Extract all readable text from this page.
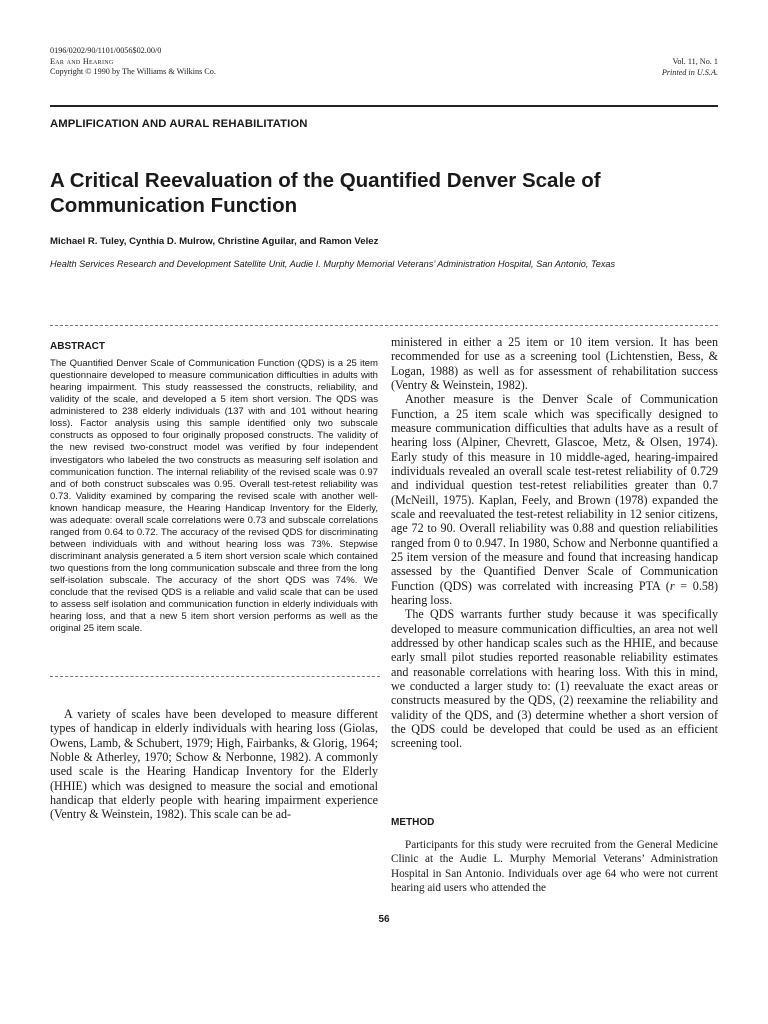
0196/0202/90/1101/0056$02.00/0
Ear and Hearing
Copyright © 1990 by The Williams & Wilkins Co.
Vol. 11, No. 1
Printed in U.S.A.
AMPLIFICATION AND AURAL REHABILITATION
A Critical Reevaluation of the Quantified Denver Scale of
Communication Function
Michael R. Tuley, Cynthia D. Mulrow, Christine Aguilar, and Ramon Velez
Health Services Research and Development Satellite Unit, Audie I. Murphy Memorial Veterans’ Administration Hospital, San Antonio, Texas
ABSTRACT
The Quantified Denver Scale of Communication Function (QDS) is a 25 item questionnaire developed to measure communication difficulties in adults with hearing impairment. This study reassessed the constructs, reliability, and validity of the scale, and developed a 5 item short version. The QDS was administered to 238 elderly individuals (137 with and 101 without hearing loss). Factor analysis using this sample identified only two subscale constructs as opposed to four originally proposed constructs. The validity of the new revised two-construct model was verified by four independent investigators who labeled the two constructs as measuring self isolation and communication function. The internal reliability of the revised scale was 0.97 and of both construct subscales was 0.95. Overall test-retest reliability was 0.73. Validity examined by comparing the revised scale with another well-known handicap measure, the Hearing Handicap Inventory for the Elderly, was adequate: overall scale correlations were 0.73 and subscale correlations ranged from 0.64 to 0.72. The accuracy of the revised QDS for discriminating between individuals with and without hearing loss was 73%. Stepwise discriminant analysis generated a 5 item short version scale which contained two questions from the long communication subscale and three from the long self-isolation subscale. The accuracy of the short QDS was 74%. We conclude that the revised QDS is a reliable and valid scale that can be used to assess self isolation and communication function in elderly individuals with hearing loss, and that a new 5 item short version performs as well as the original 25 item scale.

A variety of scales have been developed to measure different types of handicap in elderly individuals with hearing loss (Giolas, Owens, Lamb, & Schubert, 1979; High, Fairbanks, & Glorig, 1964; Noble & Atherley, 1970; Schow & Nerbonne, 1982). A commonly used scale is the Hearing Handicap Inventory for the Elderly (HHIE) which was designed to measure the social and emotional handicap that elderly people with hearing impairment experience (Ventry & Weinstein, 1982). This scale can be ad-

ministered in either a 25 item or 10 item version. It has been recommended for use as a screening tool (Lichtenstien, Bess, & Logan, 1988) as well as for assessment of rehabilitation success (Ventry & Weinstein, 1982).

Another measure is the Denver Scale of Communication Function, a 25 item scale which was specifically designed to measure communication difficulties that adults have as a result of hearing loss (Alpiner, Chevrett, Glascoe, Metz, & Olsen, 1974). Early study of this measure in 10 middle-aged, hearing-impaired individuals revealed an overall scale test-retest reliability of 0.729 and individual question test-retest reliabilities greater than 0.7 (McNeill, 1975). Kaplan, Feely, and Brown (1978) expanded the scale and reevaluated the test-retest reliability in 12 senior citizens, age 72 to 90. Overall reliability was 0.88 and question reliabilities ranged from 0 to 0.947. In 1980, Schow and Nerbonne quantified a 25 item version of the measure and found that increasing handicap assessed by the Quantified Denver Scale of Communication Function (QDS) was correlated with increasing PTA (r = 0.58) hearing loss.

The QDS warrants further study because it was specifically developed to measure communication difficulties, an area not well addressed by other handicap scales such as the HHIE, and because early small pilot studies reported reasonable reliability estimates and reasonable correlations with hearing loss. With this in mind, we conducted a larger study to: (1) reevaluate the exact areas or constructs measured by the QDS, (2) reexamine the reliability and validity of the QDS, and (3) determine whether a short version of the QDS could be developed that could be used as an efficient screening tool.

METHOD

Participants for this study were recruited from the General Medicine Clinic at the Audie L. Murphy Memorial Veterans’ Administration Hospital in San Antonio. Individuals over age 64 who were not current hearing aid users who attended the

56
